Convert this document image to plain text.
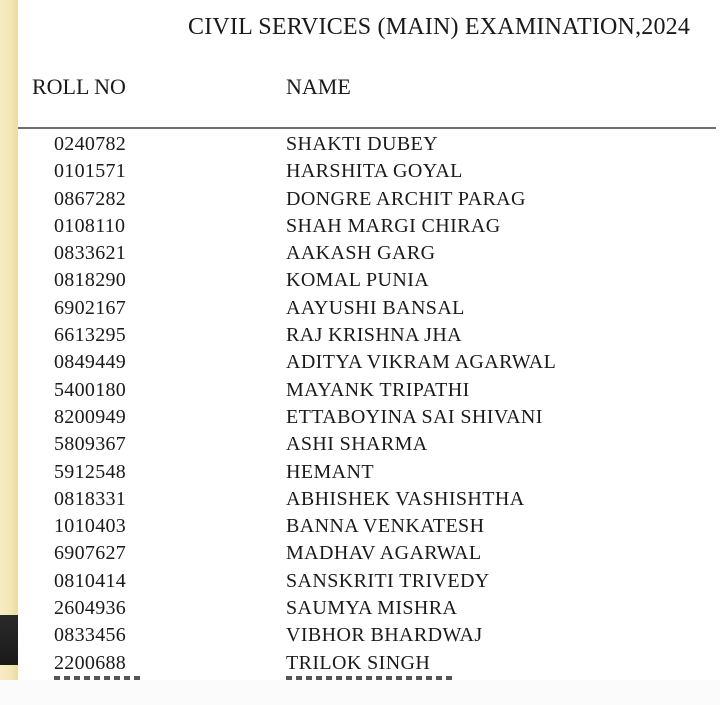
CIVIL SERVICES (MAIN) EXAMINATION,2024
ROLL NO	NAME
0240782	SHAKTI DUBEY
0101571	HARSHITA GOYAL
0867282	DONGRE ARCHIT PARAG
0108110	SHAH MARGI CHIRAG
0833621	AAKASH GARG
0818290	KOMAL PUNIA
6902167	AAYUSHI BANSAL
6613295	RAJ KRISHNA JHA
0849449	ADITYA VIKRAM AGARWAL
5400180	MAYANK TRIPATHI
8200949	ETTABOYINA SAI SHIVANI
5809367	ASHI SHARMA
5912548	HEMANT
0818331	ABHISHEK VASHISHTHA
1010403	BANNA VENKATESH
6907627	MADHAV AGARWAL
0810414	SANSKRITI TRIVEDY
2604936	SAUMYA MISHRA
0833456	VIBHOR BHARDWAJ
2200688	TRILOK SINGH
